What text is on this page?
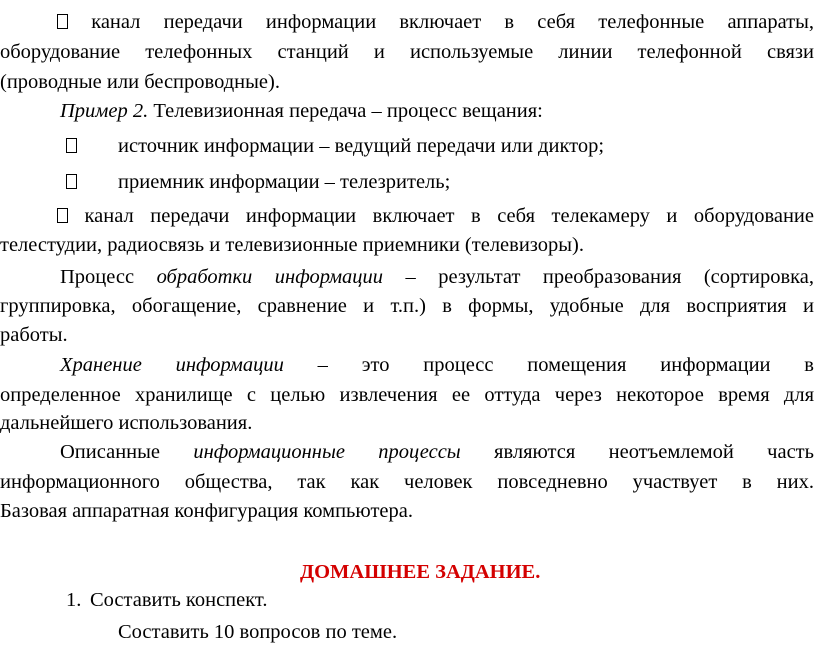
канал передачи информации включает в себя телефонные аппараты,
оборудование телефонных станций и используемые линии телефонной связи
(проводные или беспроводные).
Пример 2. Телевизионная передача – процесс вещания:
источник информации – ведущий передачи или диктор;
приемник информации – телезритель;
канал передачи информации включает в себя телекамеру и оборудование
телестудии, радиосвязь и телевизионные приемники (телевизоры).
Процесс обработки информации – результат преобразования (сортировка,
группировка, обогащение, сравнение и т.п.) в формы, удобные для восприятия и
работы.
Хранение информации – это процесс помещения информации в
определенное хранилище с целью извлечения ее оттуда через некоторое время для
дальнейшего использования.
Описанные информационные процессы являются неотъемлемой часть
информационного общества, так как человек повседневно участвует в них.
Базовая аппаратная конфигурация компьютера.
ДОМАШНЕЕ ЗАДАНИЕ.
1. Составить конспект.
Составить 10 вопросов по теме.
